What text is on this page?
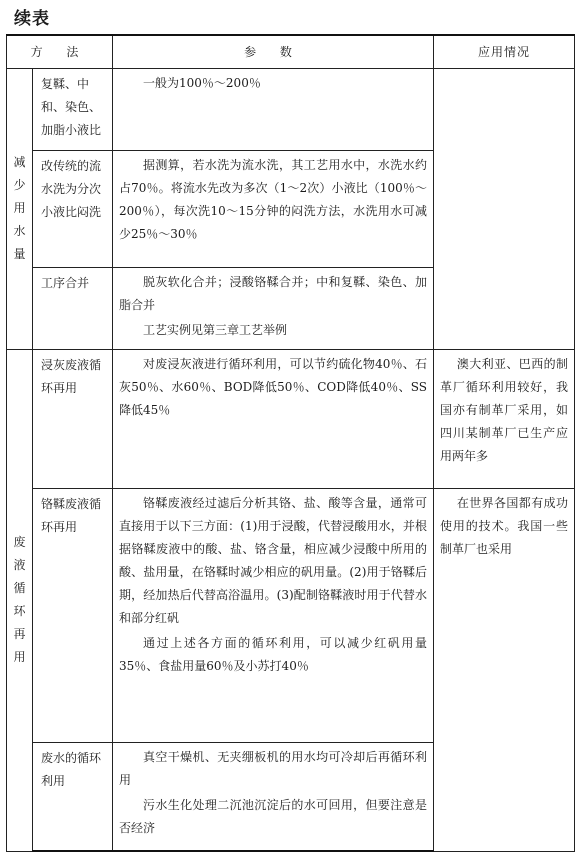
续表
方 法		参 数	应用情况
减少用水量	复鞣、中和、染色、加脂小液比	一般为100％～200％	

	改传统的流水洗为分次小液比闷洗	据测算，若水洗为流水洗，其工艺用水中，水洗水约占70％。将流水先改为多次（1～2次）小液比（100％～200％），每次洗10～15分钟的闷洗方法，水洗用水可减少25％～30％	

	工序合并	脱灰软化合并；浸酸铬鞣合并；中和复鞣、染色、加脂合并
工艺实例见第三章工艺举例	

废液循环再用	浸灰废液循环再用	对废浸灰液进行循环利用，可以节约硫化物40％、石灰50％、水60％、BOD降低50％、COD降低40％、SS降低45％	澳大利亚、巴西的制革厂循环利用较好，我国亦有制革厂采用，如四川某制革厂已生产应用两年多

	铬鞣废液循环再用	铬鞣废液经过滤后分析其铬、盐、酸等含量，通常可直接用于以下三方面：(1)用于浸酸，代替浸酸用水，并根据铬鞣废液中的酸、盐、铬含量，相应减少浸酸中所用的酸、盐用量，在铬鞣时减少相应的矾用量。(2)用于铬鞣后期，经加热后代替高浴温用。(3)配制铬鞣液时用于代替水和部分红矾
通过上述各方面的循环利用，可以减少红矾用量35％、食盐用量60％及小苏打40％	在世界各国都有成功使用的技术。我国一些制革厂也采用

	废水的循环利用	真空干燥机、无夹绷板机的用水均可冷却后再循环利用
污水生化处理二沉池沉淀后的水可回用，但要注意是否经济	
